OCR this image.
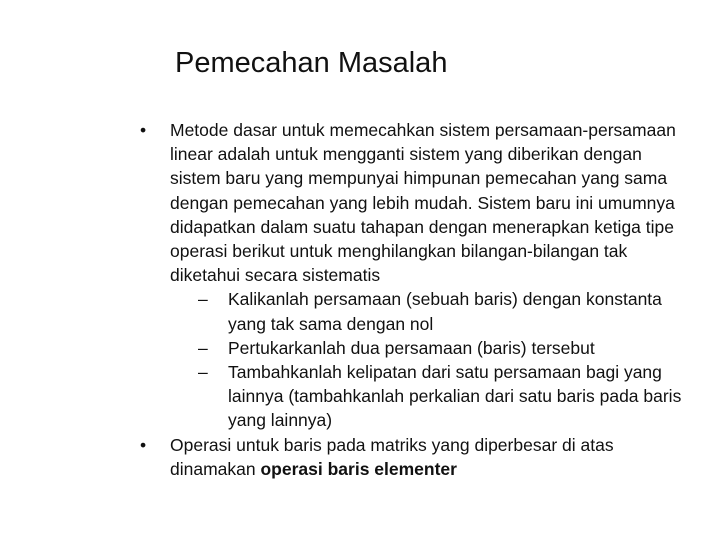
Pemecahan Masalah
• Metode dasar untuk memecahkan sistem persamaan-persamaan linear adalah untuk mengganti sistem yang diberikan dengan sistem baru yang mempunyai himpunan pemecahan yang sama dengan pemecahan yang lebih mudah. Sistem baru ini umumnya didapatkan dalam suatu tahapan dengan menerapkan ketiga tipe operasi berikut untuk menghilangkan bilangan-bilangan tak diketahui secara sistematis
– Kalikanlah persamaan (sebuah baris) dengan konstanta yang tak sama dengan nol
– Pertukarkanlah dua persamaan (baris) tersebut
– Tambahkanlah kelipatan dari satu persamaan bagi yang lainnya (tambahkanlah perkalian dari satu baris pada baris yang lainnya)
• Operasi untuk baris pada matriks yang diperbesar di atas dinamakan operasi baris elementer
